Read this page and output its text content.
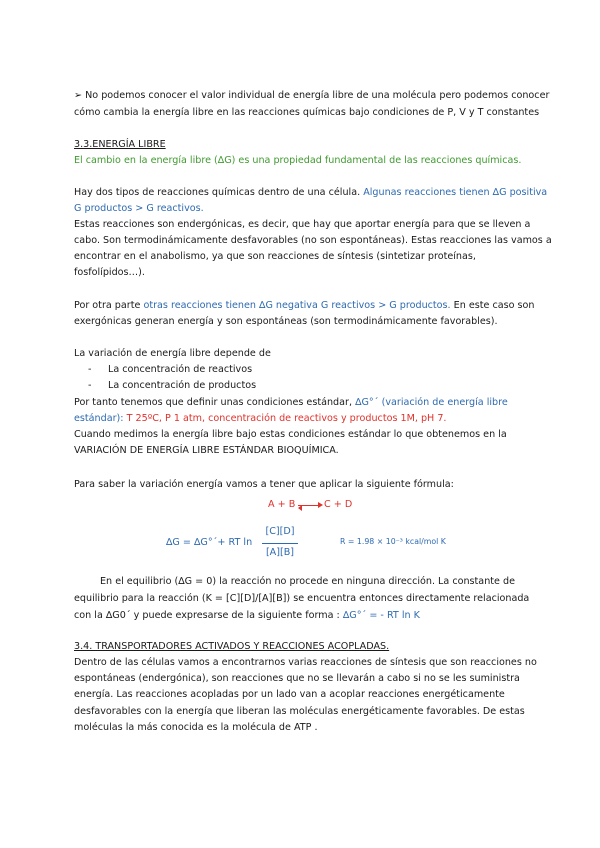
➢ No podemos conocer el valor individual de energía libre de una molécula pero podemos conocer
cómo cambia la energía libre en las reacciones químicas bajo condiciones de P, V y T constantes
3.3.ENERGÍA LIBRE
El cambio en la energía libre (∆G) es una propiedad fundamental de las reacciones químicas.
Hay dos tipos de reacciones químicas dentro de una célula. Algunas reacciones tienen ∆G positiva
G productos > G reactivos.
Estas reacciones son endergónicas, es decir, que hay que aportar energía para que se lleven a
cabo. Son termodinámicamente desfavorables (no son espontáneas). Estas reacciones las vamos a
encontrar en el anabolismo, ya que son reacciones de síntesis (sintetizar proteínas,
fosfolípidos…).
Por otra parte otras reacciones tienen ∆G negativa G reactivos > G productos. En este caso son
exergónicas generan energía y son espontáneas (son termodinámicamente favorables).
La variación de energía libre depende de
- La concentración de reactivos
- La concentración de productos
Por tanto tenemos que definir unas condiciones estándar, ∆G°´ (variación de energía libre
estándar): T 25ºC, P 1 atm, concentración de reactivos y productos 1M, pH 7.
Cuando medimos la energía libre bajo estas condiciones estándar lo que obtenemos en la
VARIACIÓN DE ENERGÍA LIBRE ESTÁNDAR BIOQUÍMICA.
Para saber la variación energía vamos a tener que aplicar la siguiente fórmula:
A + B	C + D
∆G = ∆G°´+ RT ln
[C][D]
[A][B]
R = 1.98 × 10⁻³ kcal/mol K
En el equilibrio (∆G = 0) la reacción no procede en ninguna dirección. La constante de
equilibrio para la reacción (K = [C][D]/[A][B]) se encuentra entonces directamente relacionada
con la ∆G0´ y puede expresarse de la siguiente forma : ∆G°´ = - RT ln K
3.4. TRANSPORTADORES ACTIVADOS Y REACCIONES ACOPLADAS.
Dentro de las células vamos a encontrarnos varias reacciones de síntesis que son reacciones no
espontáneas (endergónica), son reacciones que no se llevarán a cabo si no se les suministra
energía. Las reacciones acopladas por un lado van a acoplar reacciones energéticamente
desfavorables con la energía que liberan las moléculas energéticamente favorables. De estas
moléculas la más conocida es la molécula de ATP .
